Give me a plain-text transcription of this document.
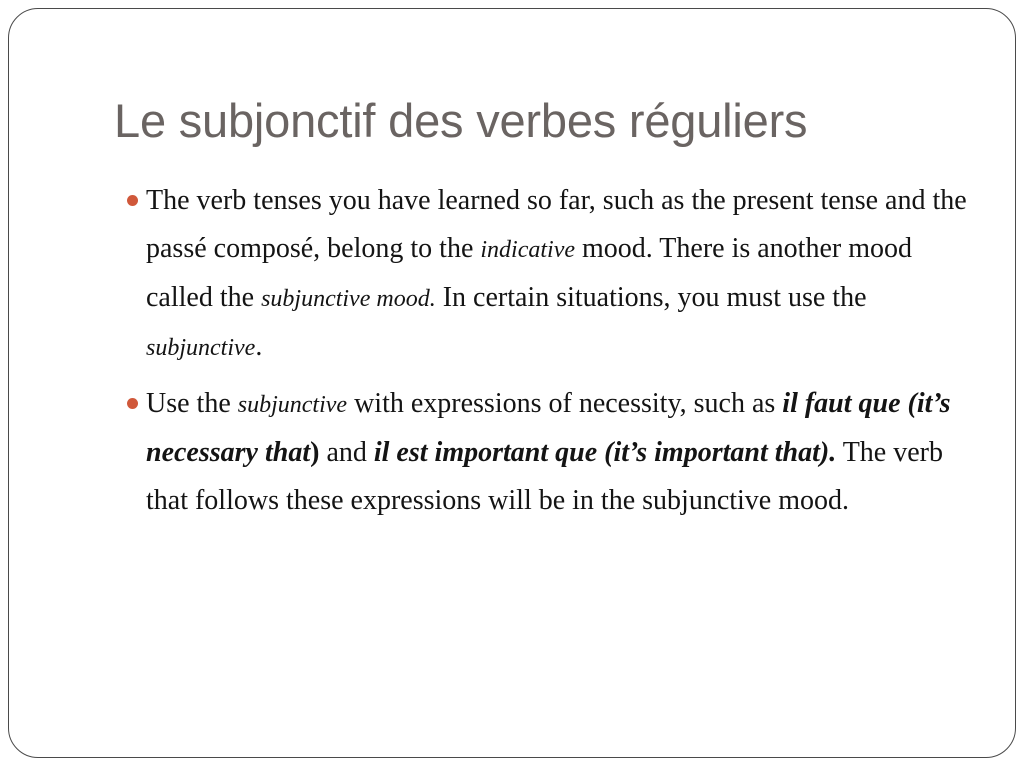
Le subjonctif des verbes réguliers
The verb tenses you have learned so far, such as the present tense and the passé composé, belong to the indicative mood. There is another mood called the subjunctive mood. In certain situations, you must use the subjunctive.
Use the subjunctive with expressions of necessity, such as il faut que (it’s necessary that) and il est important que (it’s important that). The verb that follows these expressions will be in the subjunctive mood.
